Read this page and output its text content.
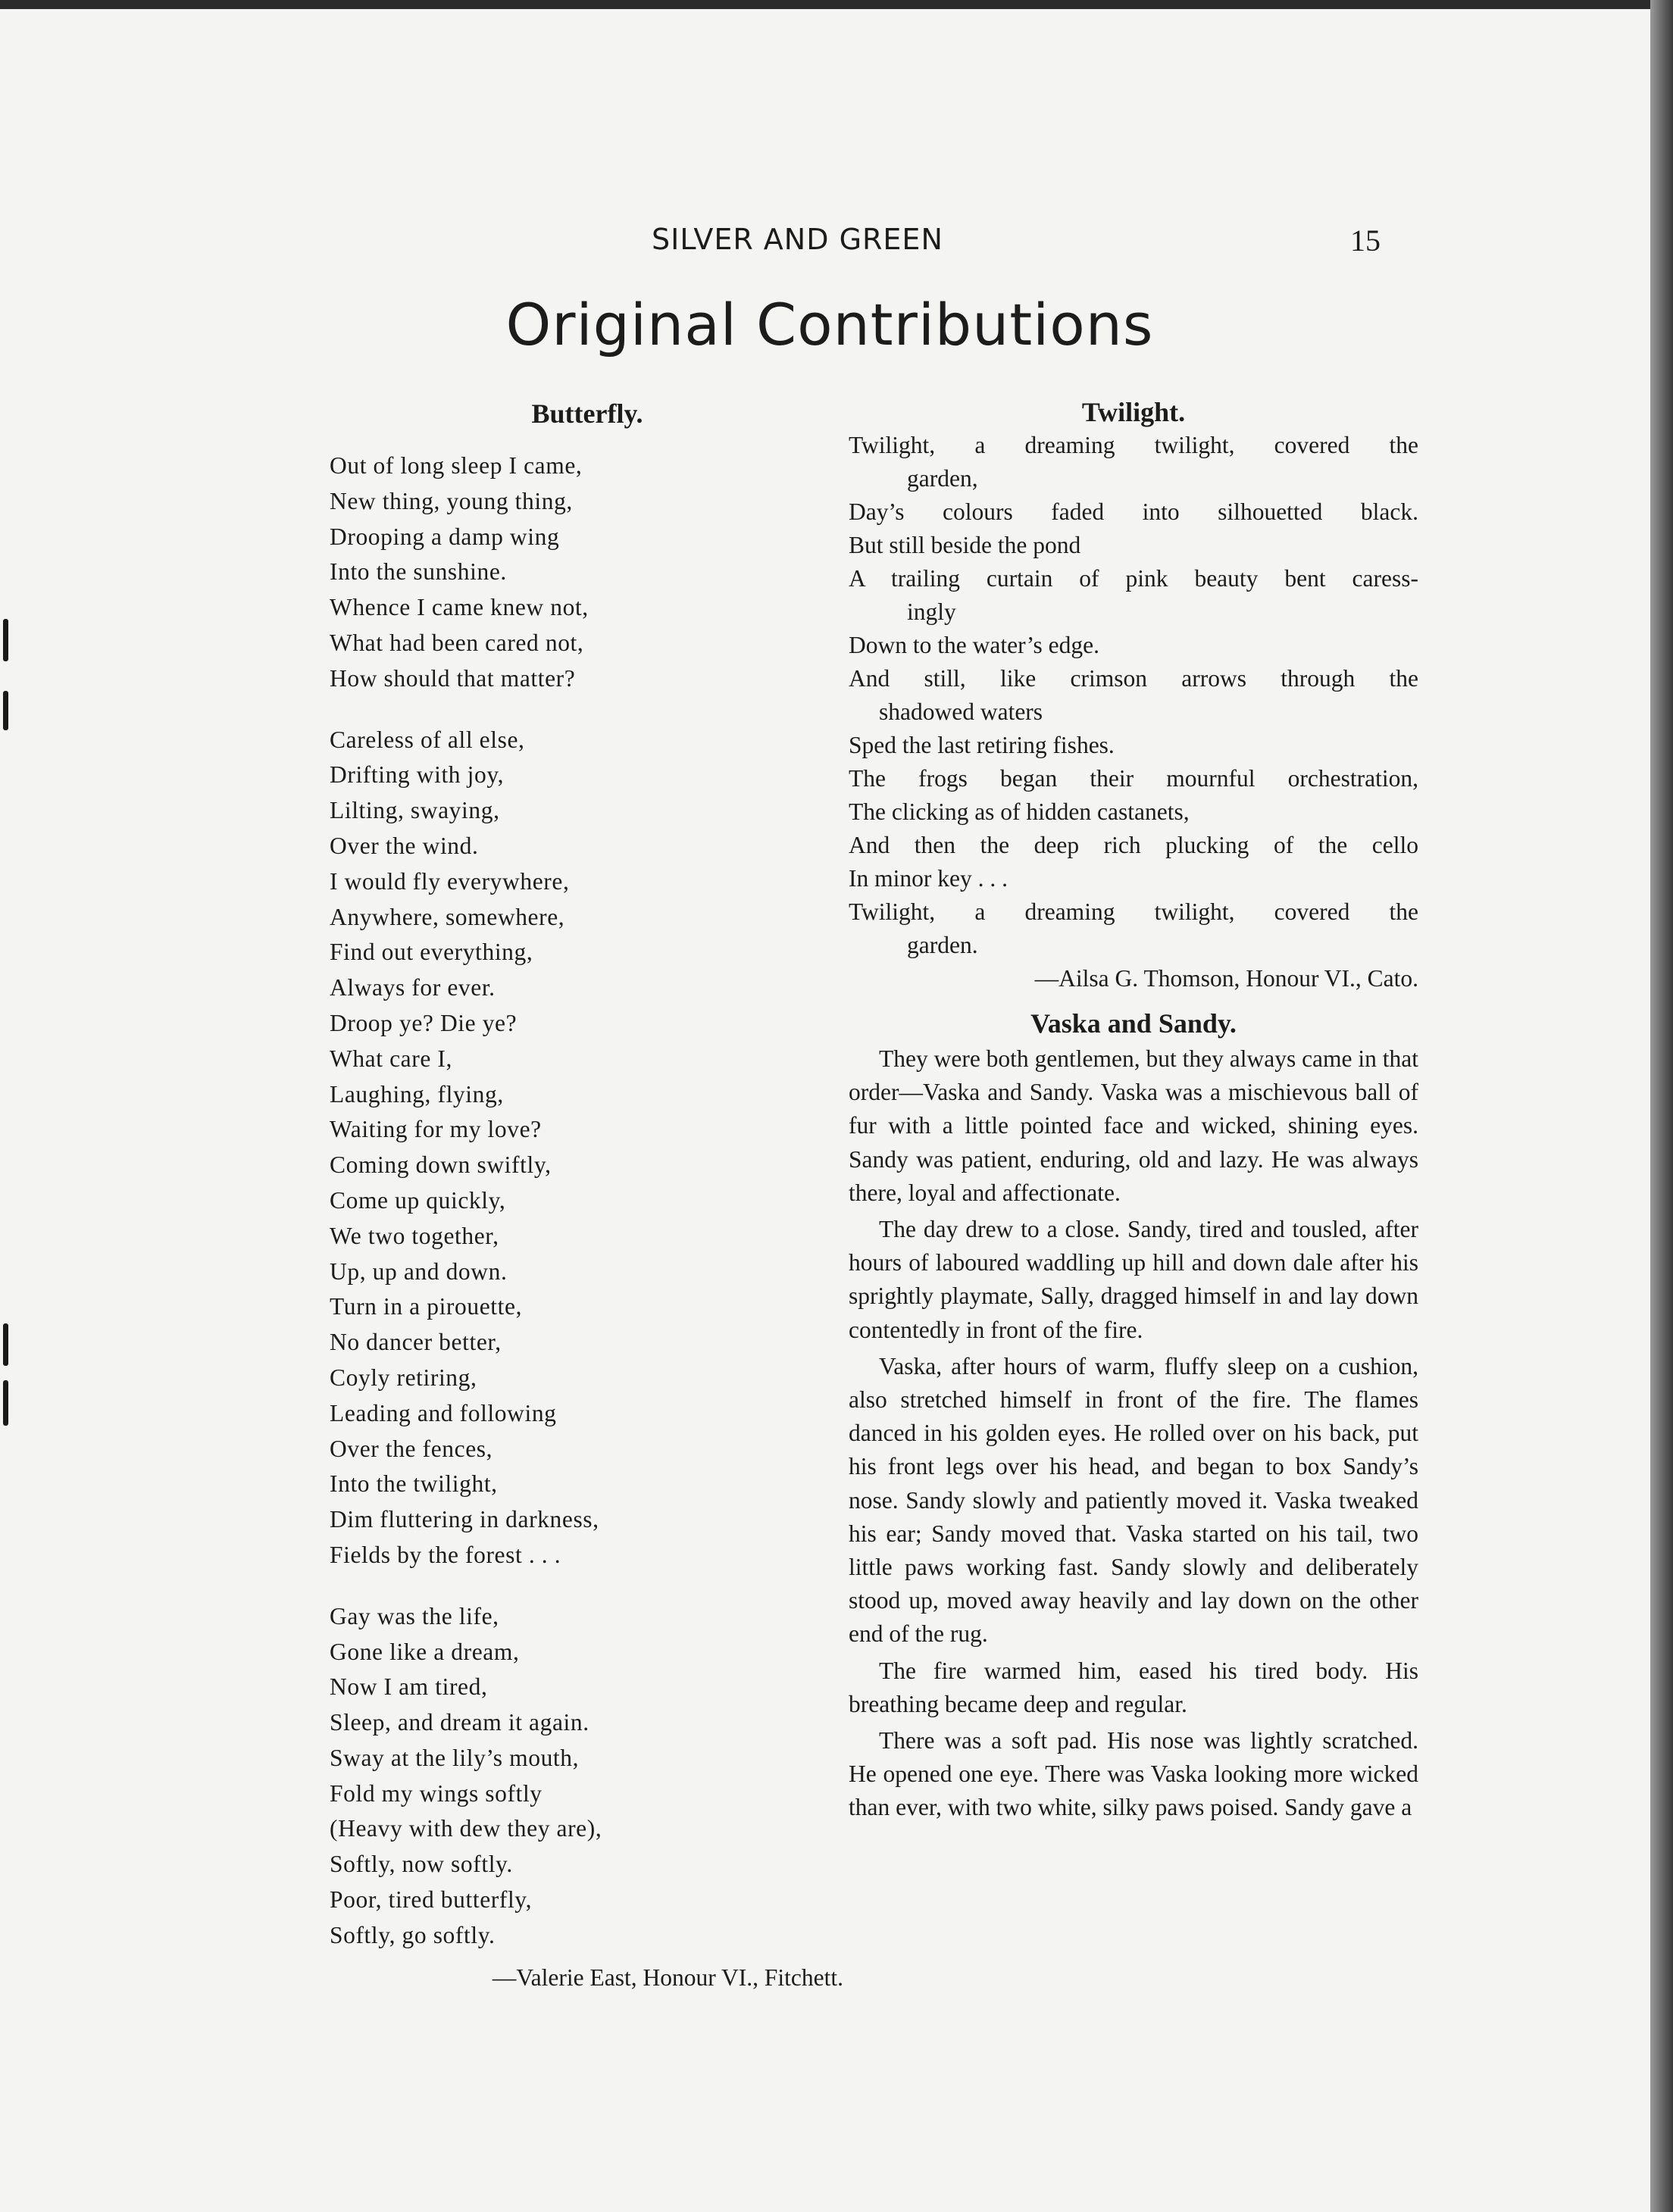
SILVER AND GREEN	15
Original Contributions
Butterfly.
Out of long sleep I came,
New thing, young thing,
Drooping a damp wing
Into the sunshine.
Whence I came knew not,
What had been cared not,
How should that matter?
Careless of all else,
Drifting with joy,
Lilting, swaying,
Over the wind.
I would fly everywhere,
Anywhere, somewhere,
Find out everything,
Always for ever.
Droop ye? Die ye?
What care I,
Laughing, flying,
Waiting for my love?
Coming down swiftly,
Come up quickly,
We two together,
Up, up and down.
Turn in a pirouette,
No dancer better,
Coyly retiring,
Leading and following
Over the fences,
Into the twilight,
Dim fluttering in darkness,
Fields by the forest . . .
Gay was the life,
Gone like a dream,
Now I am tired,
Sleep, and dream it again.
Sway at the lily’s mouth,
Fold my wings softly
(Heavy with dew they are),
Softly, now softly.
Poor, tired butterfly,
Softly, go softly.
—Valerie East, Honour VI., Fitchett.
Twilight.
Twilight, a dreaming twilight, covered the
garden,
Day’s colours faded into silhouetted black.
But still beside the pond
A trailing curtain of pink beauty bent caress-
ingly
Down to the water’s edge.
And still, like crimson arrows through the
shadowed waters
Sped the last retiring fishes.
The frogs began their mournful orchestration,
The clicking as of hidden castanets,
And then the deep rich plucking of the cello
In minor key . . .
Twilight, a dreaming twilight, covered the
garden.
—Ailsa G. Thomson, Honour VI., Cato.
Vaska and Sandy.

They were both gentlemen, but they always came in that order—Vaska and Sandy. Vaska was a mischievous ball of fur with a little pointed face and wicked, shining eyes. Sandy was patient, enduring, old and lazy. He was always there, loyal and affectionate.

The day drew to a close. Sandy, tired and tousled, after hours of laboured waddling up hill and down dale after his sprightly playmate, Sally, dragged himself in and lay down contentedly in front of the fire.

Vaska, after hours of warm, fluffy sleep on a cushion, also stretched himself in front of the fire. The flames danced in his golden eyes. He rolled over on his back, put his front legs over his head, and began to box Sandy’s nose. Sandy slowly and patiently moved it. Vaska tweaked his ear; Sandy moved that. Vaska started on his tail, two little paws working fast. Sandy slowly and deliberately stood up, moved away heavily and lay down on the other end of the rug.

The fire warmed him, eased his tired body. His breathing became deep and regular.

There was a soft pad. His nose was lightly scratched. He opened one eye. There was Vaska looking more wicked than ever, with two white, silky paws poised. Sandy gave a
